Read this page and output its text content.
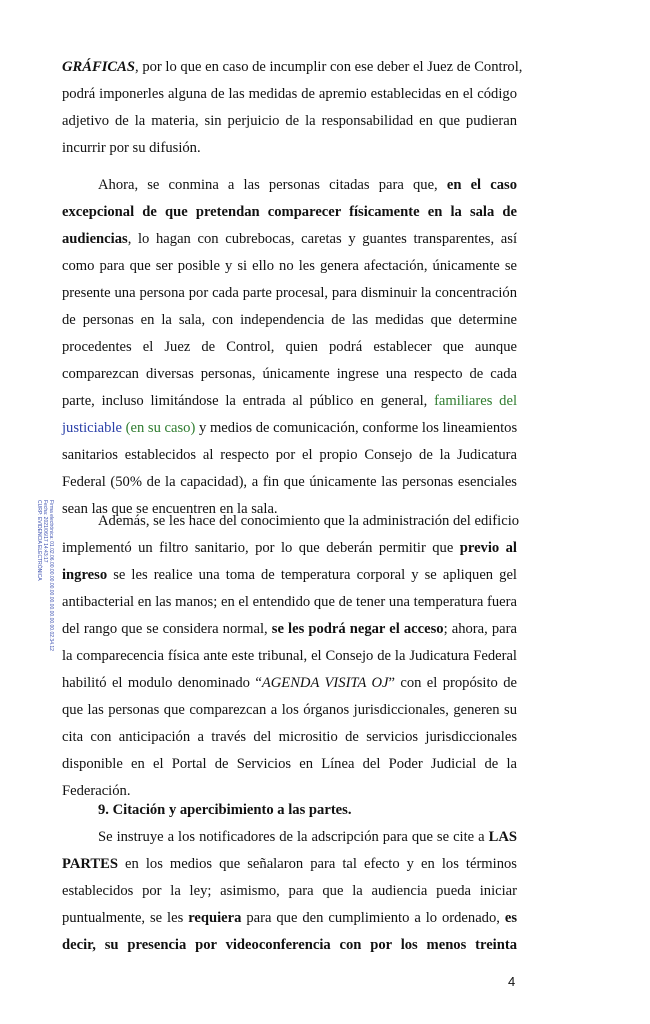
GRÁFICAS, por lo que en caso de incumplir con ese deber el Juez de Control,
podrá imponerles alguna de las medidas de apremio establecidas en el código
adjetivo de la materia, sin perjuicio de la responsabilidad en que pudieran
incurrir por su difusión.
Ahora, se conmina a las personas citadas para que, en el caso
excepcional de que pretendan comparecer físicamente en la sala de
audiencias, lo hagan con cubrebocas, caretas y guantes transparentes, así
como para que ser posible y si ello no les genera afectación, únicamente se
presente una persona por cada parte procesal, para disminuir la concentración
de personas en la sala, con independencia de las medidas que determine
procedentes el Juez de Control, quien podrá establecer que aunque
comparezcan diversas personas, únicamente ingrese una respecto de cada
parte, incluso limitándose la entrada al público en general, familiares del
justiciable (en su caso) y medios de comunicación, conforme los lineamientos
sanitarios establecidos al respecto por el propio Consejo de la Judicatura
Federal (50% de la capacidad), a fin que únicamente las personas esenciales
sean las que se encuentren en la sala.
Además, se les hace del conocimiento que la administración del edificio
implementó un filtro sanitario, por lo que deberán permitir que previo al
ingreso se les realice una toma de temperatura corporal y se apliquen gel
antibacterial en las manos; en el entendido que de tener una temperatura fuera
del rango que se considera normal, se les podrá negar el acceso; ahora, para
la comparecencia física ante este tribunal, el Consejo de la Judicatura Federal
habilitó el modulo denominado “AGENDA VISITA OJ” con el propósito de
que las personas que comparezcan a los órganos jurisdiccionales, generen su
cita con anticipación a través del micrositio de servicios jurisdiccionales
disponible en el Portal de Servicios en Línea del Poder Judicial de la
Federación.
9. Citación y apercibimiento a las partes.
Se instruye a los notificadores de la adscripción para que se cite a LAS
PARTES en los medios que señalaron para tal efecto y en los términos
establecidos por la ley; asimismo, para que la audiencia pueda iniciar
puntualmente, se les requiera para que den cumplimiento a lo ordenado, es
decir, su presencia por videoconferencia con por los menos treinta
4
Firma electrónica: 01.02.06.00.00.00.00.00.00.00.00.00.00.02.34.12
Fecha: 2021/06/17 14:43:17
CURP: EVIDENCIA ELECTRÓNICA
